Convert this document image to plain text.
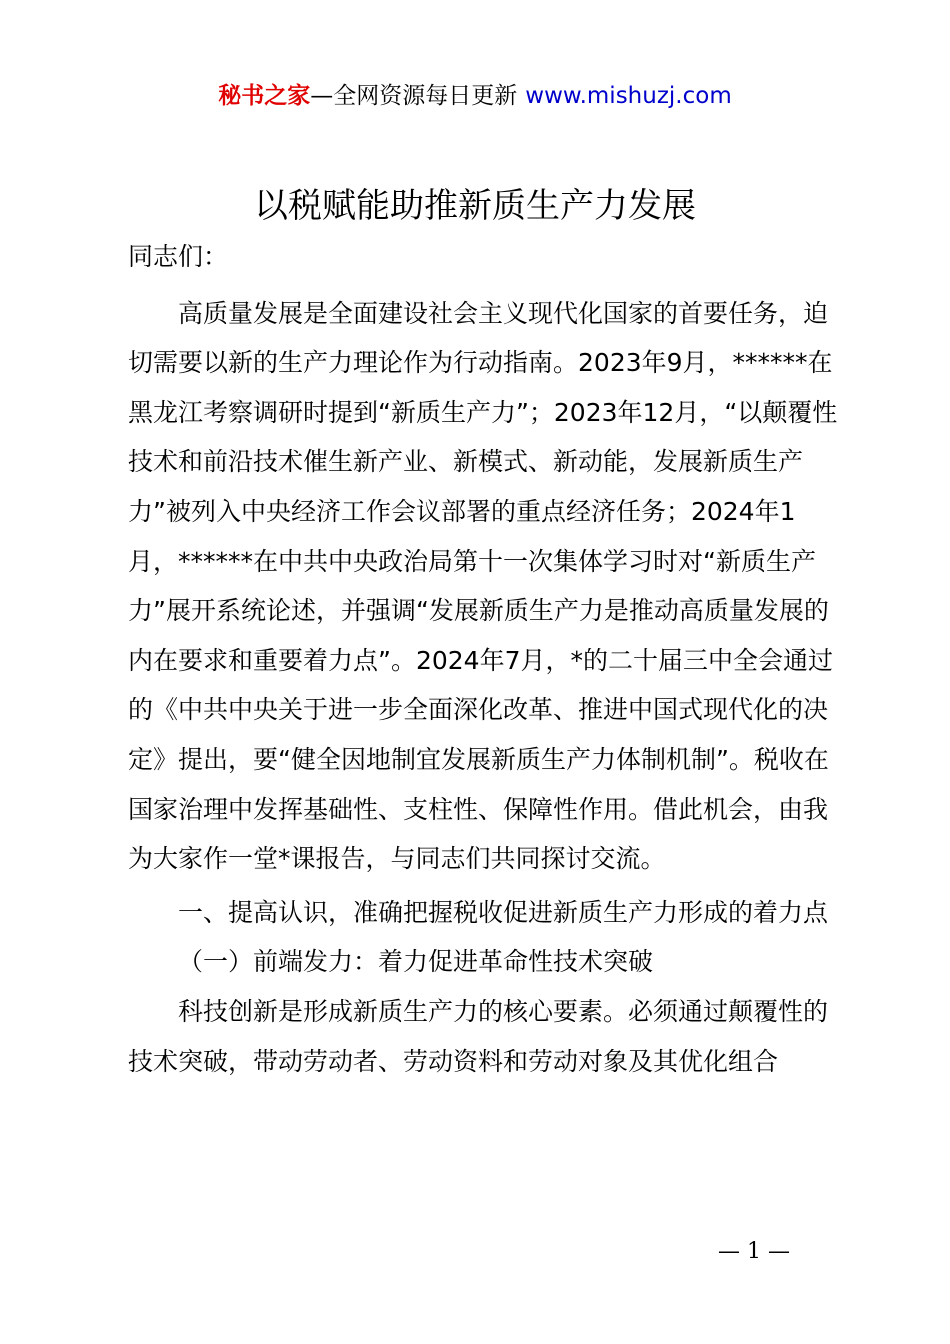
秘书之家—全网资源每日更新 www.mishuzj.com
以税赋能助推新质生产力发展

同志们：

高质量发展是全面建设社会主义现代化国家的首要任务，迫切需要以新的生产力理论作为行动指南。2023年9月，******在黑龙江考察调研时提到“新质生产力”；2023年12月，“以颠覆性技术和前沿技术催生新产业、新模式、新动能，发展新质生产力”被列入中央经济工作会议部署的重点经济任务；2024年1月，******在中共中央政治局第十一次集体学习时对“新质生产力”展开系统论述，并强调“发展新质生产力是推动高质量发展的内在要求和重要着力点”。2024年7月，*的二十届三中全会通过的《中共中央关于进一步全面深化改革、推进中国式现代化的决定》提出，要“健全因地制宜发展新质生产力体制机制”。税收在国家治理中发挥基础性、支柱性、保障性作用。借此机会，由我为大家作一堂*课报告，与同志们共同探讨交流。

一、提高认识，准确把握税收促进新质生产力形成的着力点

（一）前端发力：着力促进革命性技术突破

科技创新是形成新质生产力的核心要素。必须通过颠覆性的技术突破，带动劳动者、劳动资料和劳动对象及其优化组合

— 1 —
